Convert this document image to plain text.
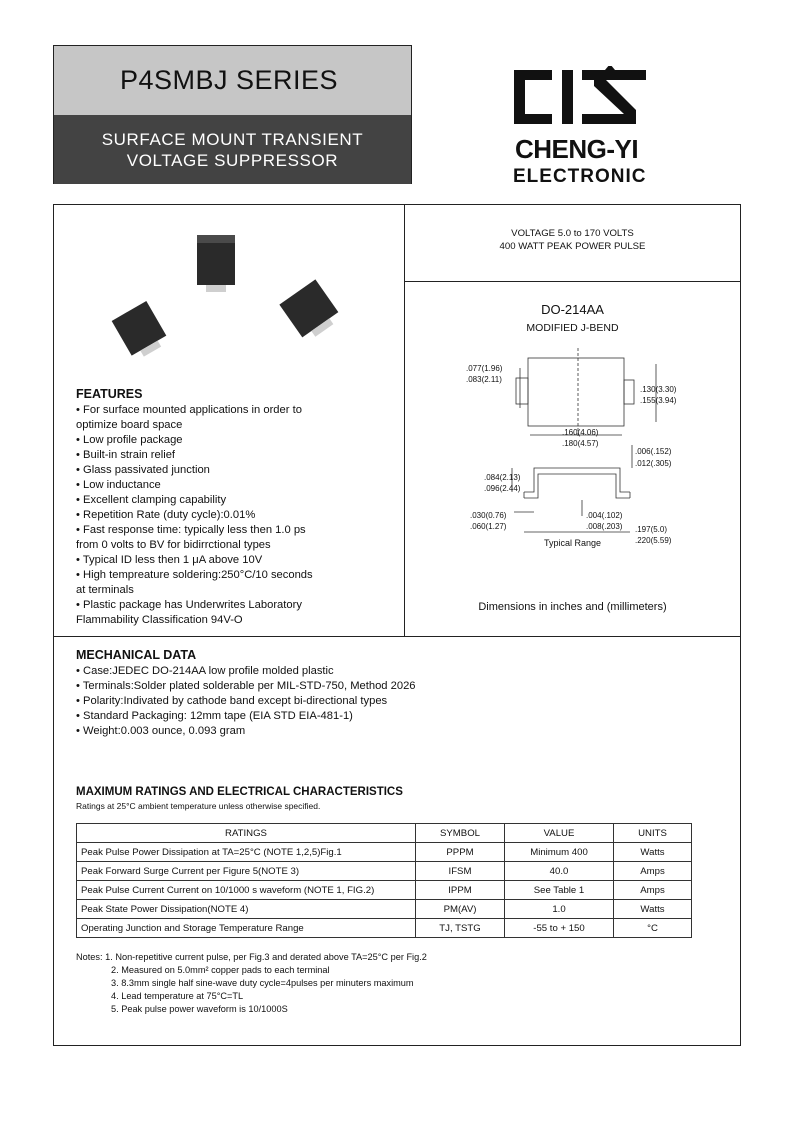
P4SMBJ SERIES
SURFACE MOUNT TRANSIENT
VOLTAGE SUPPRESSOR	CHENG-YI
ELECTRONIC
VOLTAGE 5.0 to 170 VOLTS
400 WATT PEAK POWER PULSE
DO-214AA
MODIFIED J-BEND
.077(1.96)
.083(2.11)
.130(3.30)
.155(3.94)
.160(4.06)
.180(4.57)
.006(.152)
.012(.305)
.084(2.13)
.096(2.44)
.030(0.76)
.060(1.27)
.004(.102)
.008(.203) .197(5.0)
.220(5.59)
Typical Range
Dimensions in inches and (millimeters)
FEATURES
• For surface mounted applications in order to
optimize board space
• Low profile package
• Built-in strain relief
• Glass passivated junction
• Low inductance
• Excellent clamping capability
• Repetition Rate (duty cycle):0.01%
• Fast response time: typically less then 1.0 ps
from 0 volts to BV for bidirrctional types
• Typical ID less then 1 μA above 10V
• High tempreature soldering:250°C/10 seconds
at terminals
• Plastic package has Underwrites Laboratory
Flammability Classification 94V-O
MECHANICAL DATA
• Case:JEDEC DO-214AA low profile molded plastic
• Terminals:Solder plated solderable per MIL-STD-750, Method 2026
• Polarity:Indivated by cathode band except bi-directional types
• Standard Packaging: 12mm tape (EIA STD EIA-481-1)
• Weight:0.003 ounce, 0.093 gram
MAXIMUM RATINGS AND ELECTRICAL CHARACTERISTICS
Ratings at 25°C ambient temperature unless otherwise specified.
RATINGS	SYMBOL	VALUE	UNITS
Peak Pulse Power Dissipation at TA=25°C (NOTE 1,2,5)Fig.1	PPPM	Minimum 400	Watts
Peak Forward Surge Current per Figure 5(NOTE 3)	IFSM	40.0	Amps
Peak Pulse Current Current on 10/1000 s waveform (NOTE 1, FIG.2)	IPPM	See Table 1	Amps
Peak State Power Dissipation(NOTE 4)	PM(AV)	1.0	Watts
Operating Junction and Storage Temperature Range	TJ, TSTG	-55 to + 150	°C
Notes: 1. Non-repetitive current pulse, per Fig.3 and derated above TA=25°C per Fig.2
2. Measured on 5.0mm² copper pads to each terminal
3. 8.3mm single half sine-wave duty cycle=4pulses per minuters maximum
4. Lead temperature at 75°C=TL
5. Peak pulse power waveform is 10/1000S
